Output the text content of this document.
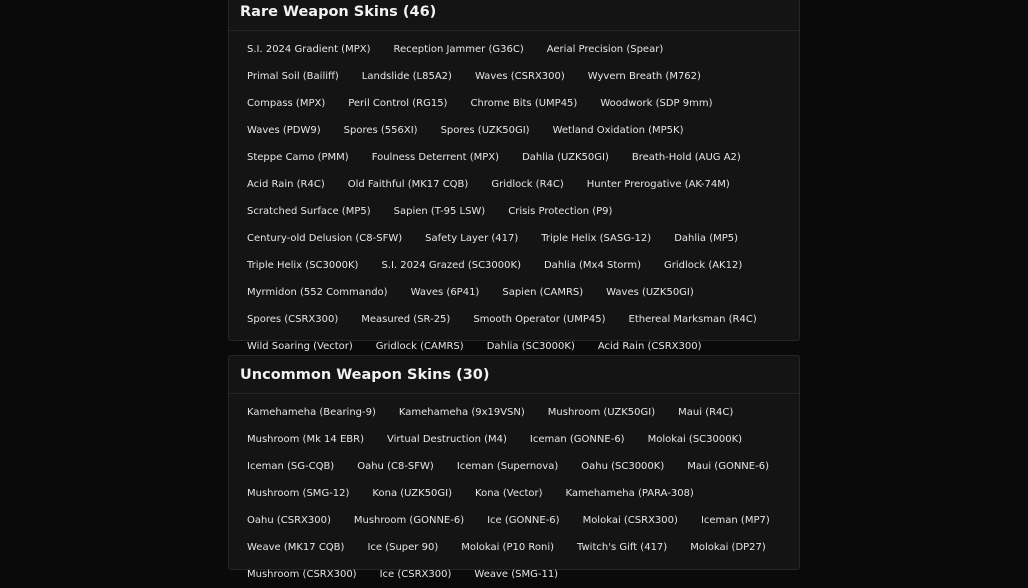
Rare Weapon Skins (46)
S.I. 2024 Gradient (MPX)	Reception Jammer (G36C)	Aerial Precision (Spear)
Primal Soil (Bailiff)	Landslide (L85A2)	Waves (CSRX300)	Wyvern Breath (M762)
Compass (MPX)	Peril Control (RG15)	Chrome Bits (UMP45)	Woodwork (SDP 9mm)
Waves (PDW9)	Spores (556XI)	Spores (UZK50GI)	Wetland Oxidation (MP5K)
Steppe Camo (PMM)	Foulness Deterrent (MPX)	Dahlia (UZK50GI)	Breath-Hold (AUG A2)
Acid Rain (R4C)	Old Faithful (MK17 CQB)	Gridlock (R4C)	Hunter Prerogative (AK-74M)
Scratched Surface (MP5)	Sapien (T-95 LSW)	Crisis Protection (P9)
Century-old Delusion (C8-SFW)	Safety Layer (417)	Triple Helix (SASG-12)	Dahlia (MP5)
Triple Helix (SC3000K)	S.I. 2024 Grazed (SC3000K)	Dahlia (Mx4 Storm)	Gridlock (AK12)
Myrmidon (552 Commando)	Waves (6P41)	Sapien (CAMRS)	Waves (UZK50GI)
Spores (CSRX300)	Measured (SR-25)	Smooth Operator (UMP45)	Ethereal Marksman (R4C)
Wild Soaring (Vector)	Gridlock (CAMRS)	Dahlia (SC3000K)	Acid Rain (CSRX300)
Uncommon Weapon Skins (30)
Kamehameha (Bearing-9)	Kamehameha (9x19VSN)	Mushroom (UZK50GI)	Maui (R4C)
Mushroom (Mk 14 EBR)	Virtual Destruction (M4)	Iceman (GONNE-6)	Molokai (SC3000K)
Iceman (SG-CQB)	Oahu (C8-SFW)	Iceman (Supernova)	Oahu (SC3000K)	Maui (GONNE-6)
Mushroom (SMG-12)	Kona (UZK50GI)	Kona (Vector)	Kamehameha (PARA-308)
Oahu (CSRX300)	Mushroom (GONNE-6)	Ice (GONNE-6)	Molokai (CSRX300)	Iceman (MP7)
Weave (MK17 CQB)	Ice (Super 90)	Molokai (P10 Roni)	Twitch's Gift (417)	Molokai (DP27)
Mushroom (CSRX300)	Ice (CSRX300)	Weave (SMG-11)
